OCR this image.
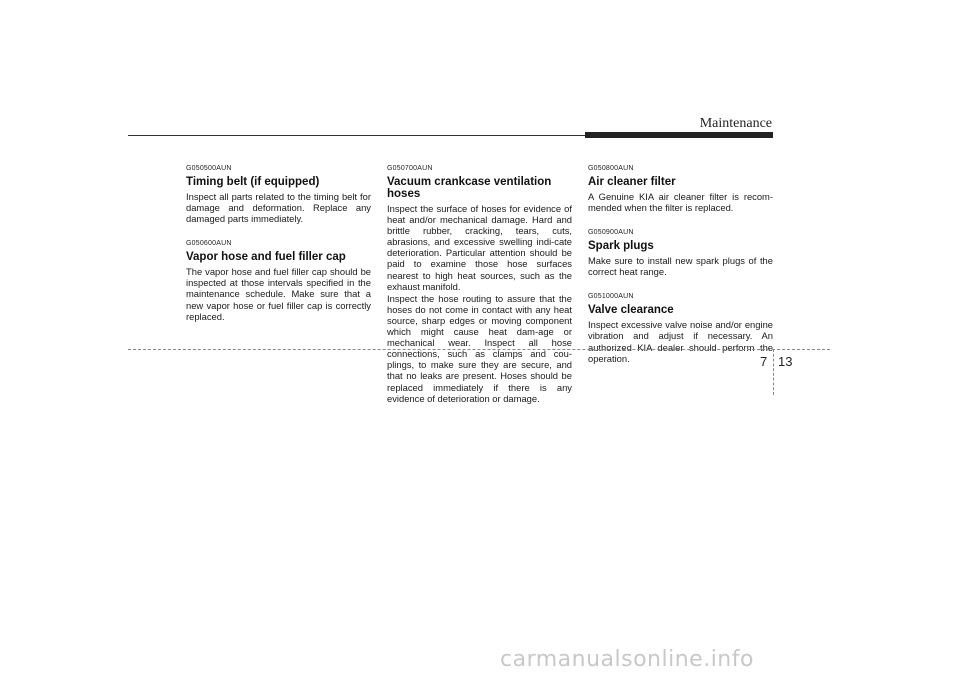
Maintenance
G050500AUN
Timing belt (if equipped)

Inspect all parts related to the timing belt for damage and deformation. Replace any damaged parts immediately.

G050600AUN
Vapor hose and fuel filler cap

The vapor hose and fuel filler cap should be inspected at those intervals specified in the maintenance schedule. Make sure that a new vapor hose or fuel filler cap is correctly replaced.

G050700AUN
Vacuum crankcase ventilation hoses

Inspect the surface of hoses for evidence of heat and/or mechanical damage. Hard and brittle rubber, cracking, tears, cuts, abrasions, and excessive swelling indi-cate deterioration. Particular attention should be paid to examine those hose surfaces nearest to high heat sources, such as the exhaust manifold.

Inspect the hose routing to assure that the hoses do not come in contact with any heat source, sharp edges or moving component which might cause heat dam-age or mechanical wear. Inspect all hose connections, such as clamps and cou-plings, to make sure they are secure, and that no leaks are present. Hoses should be replaced immediately if there is any evidence of deterioration or damage.

G050800AUN
Air cleaner filter

A Genuine KIA air cleaner filter is recom-mended when the filter is replaced.

G050900AUN
Spark plugs

Make sure to install new spark plugs of the correct heat range.

G051000AUN
Valve clearance

Inspect excessive valve noise and/or engine vibration and adjust if necessary. An authorized KIA dealer should perform the operation.	7 13
carmanualsonline.info
